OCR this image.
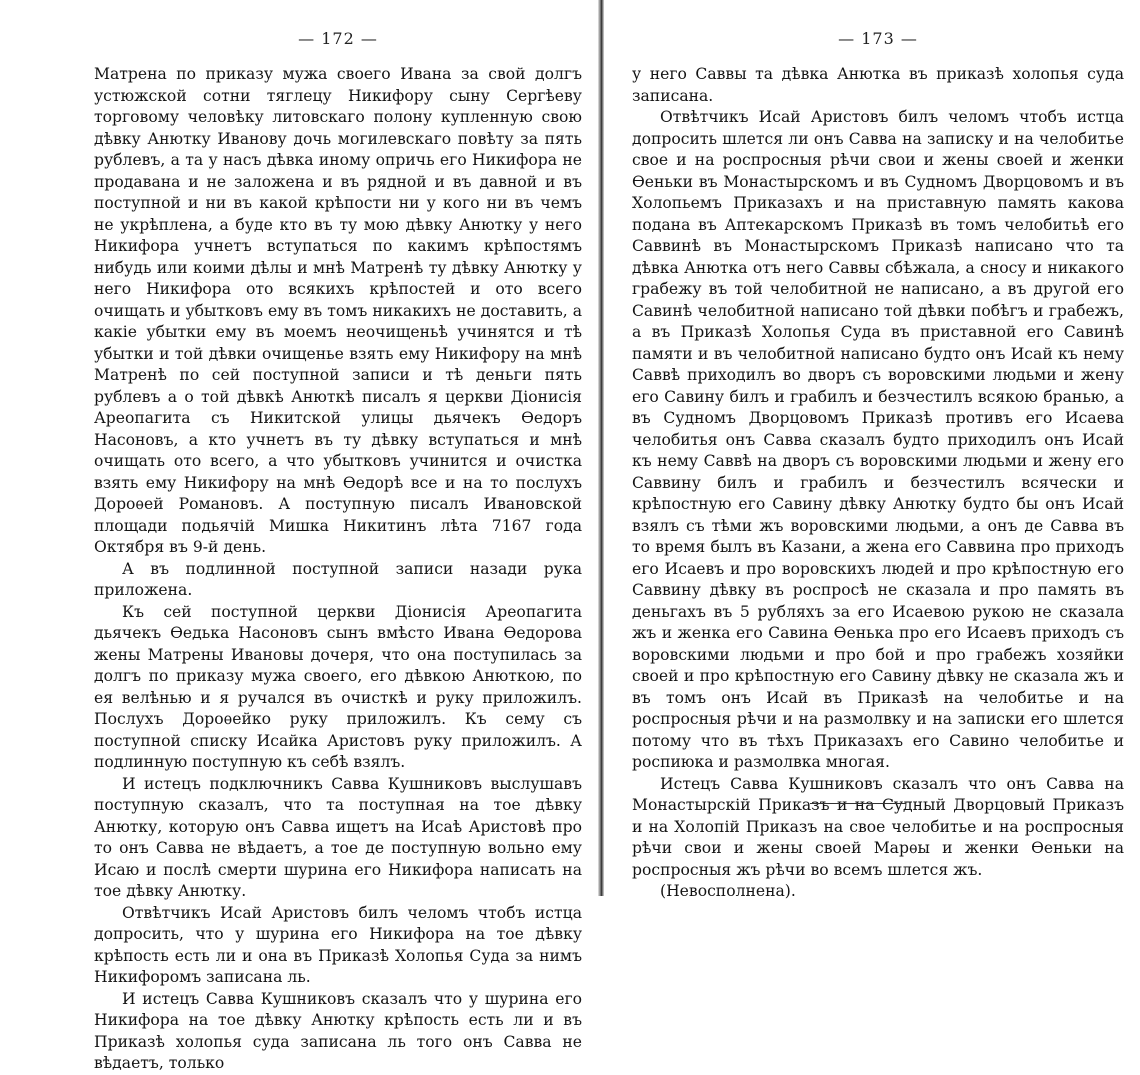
— 172 —

Матрена по приказу мужа своего Ивана за свой долгъ устюжской сотни тяглецу Никифору сыну Сергѣеву торговому человѣку литовскаго полону купленную свою дѣвку Анютку Иванову дочь могилевскаго повѣту за пять рублевъ, а та у насъ дѣвка иному опричь его Никифора не продавана и не заложена и въ рядной и въ давной и въ поступной и ни въ какой крѣпости ни у кого ни въ чемъ не укрѣплена, а буде кто въ ту мою дѣвку Анютку у него Никифора учнетъ вступаться по какимъ крѣпостямъ нибудь или коими дѣлы и мнѣ Матренѣ ту дѣвку Анютку у него Никифора ото всякихъ крѣпостей и ото всего очищать и убытковъ ему въ томъ никакихъ не доставить, а какіе убытки ему въ моемъ неочищеньѣ учинятся и тѣ убытки и той дѣвки очищенье взять ему Никифору на мнѣ Матренѣ по сей поступной записи и тѣ деньги пять рублевъ а о той дѣвкѣ Анюткѣ писалъ я церкви Діонисія Ареопагита съ Никитской улицы дьячекъ Ѳедоръ Насоновъ, а кто учнетъ въ ту дѣвку вступаться и мнѣ очищать ото всего, а что убытковъ учинится и очистка взять ему Никифору на мнѣ Ѳедорѣ все и на то послухъ Дороѳей Романовъ. А поступную писалъ Ивановской площади подьячій Мишка Никитинъ лѣта 7167 года Октября въ 9-й день.

А въ подлинной поступной записи назади рука приложена.

Къ сей поступной церкви Діонисія Ареопагита дьячекъ Ѳедька Насоновъ сынъ вмѣсто Ивана Ѳедорова жены Матрены Ивановы дочеря, что она поступилась за долгъ по приказу мужа своего, его дѣвкою Анюткою, по ея велѣнью и я ручался въ очисткѣ и руку приложилъ. Послухъ Дороѳейко руку приложилъ. Къ сему съ поступной списку Исайка Аристовъ руку приложилъ. А подлинную поступную къ себѣ взялъ.

И истецъ подключникъ Савва Кушниковъ выслушавъ поступную сказалъ, что та поступная на тое дѣвку Анютку, которую онъ Савва ищетъ на Исаѣ Аристовѣ про то онъ Савва не вѣдаетъ, а тое де поступную вольно ему Исаю и послѣ смерти шурина его Никифора написать на тое дѣвку Анютку.

Отвѣтчикъ Исай Аристовъ билъ челомъ чтобъ истца допросить, что у шурина его Никифора на тое дѣвку крѣпость есть ли и она въ Приказѣ Холопья Суда за нимъ Никифоромъ записана ль.

И истецъ Савва Кушниковъ сказалъ что у шурина его Никифора на тое дѣвку Анютку крѣпость есть ли и въ Приказѣ холопья суда записана ль того онъ Савва не вѣдаетъ, только

— 173 —

у него Саввы та дѣвка Анютка въ приказѣ холопья суда записана.

Отвѣтчикъ Исай Аристовъ билъ челомъ чтобъ истца допросить шлется ли онъ Савва на записку и на челобитье свое и на роспросныя рѣчи свои и жены своей и женки Ѳеньки въ Монастырскомъ и въ Судномъ Дворцовомъ и въ Холопьемъ Приказахъ и на приставную память какова подана въ Аптекарскомъ Приказѣ въ томъ челобитьѣ его Саввинѣ въ Монастырскомъ Приказѣ написано что та дѣвка Анютка отъ него Саввы сбѣжала, а сносу и никакого грабежу въ той челобитной не написано, а въ другой его Савинѣ челобитной написано той дѣвки побѣгъ и грабежъ, а въ Приказѣ Холопья Суда въ приставной его Савинѣ памяти и въ челобитной написано будто онъ Исай къ нему Саввѣ приходилъ во дворъ съ воровскими людьми и жену его Савину билъ и грабилъ и безчестилъ всякою бранью, а въ Судномъ Дворцовомъ Приказѣ противъ его Исаева челобитья онъ Савва сказалъ будто приходилъ онъ Исай къ нему Саввѣ на дворъ съ воровскими людьми и жену его Саввину билъ и грабилъ и безчестилъ всячески и крѣпостную его Савину дѣвку Анютку будто бы онъ Исай взялъ съ тѣми жъ воровскими людьми, а онъ де Савва въ то время былъ въ Казани, а жена его Саввина про приходъ его Исаевъ и про воровскихъ людей и про крѣпостную его Саввину дѣвку въ роспросѣ не сказала и про память въ деньгахъ въ 5 рубляхъ за его Исаевою рукою не сказала жъ и женка его Савина Ѳенька про его Исаевъ приходъ съ воровскими людьми и про бой и про грабежъ хозяйки своей и про крѣпостную его Савину дѣвку не сказала жъ и въ томъ онъ Исай въ Приказѣ на челобитье и на роспросныя рѣчи и на размолвку и на записки его шлется потому что въ тѣхъ Приказахъ его Савино челобитье и роспиюка и размолвка многая.

Истецъ Савва Кушниковъ сказалъ что онъ Савва на Монастырскій Приказъ и на Судный Дворцовый Приказъ и на Холопій Приказъ на свое челобитье и на роспросныя рѣчи свои и жены своей Марѳы и женки Ѳеньки на роспросныя жъ рѣчи во всемъ шлется жъ.

(Невосполнена).
